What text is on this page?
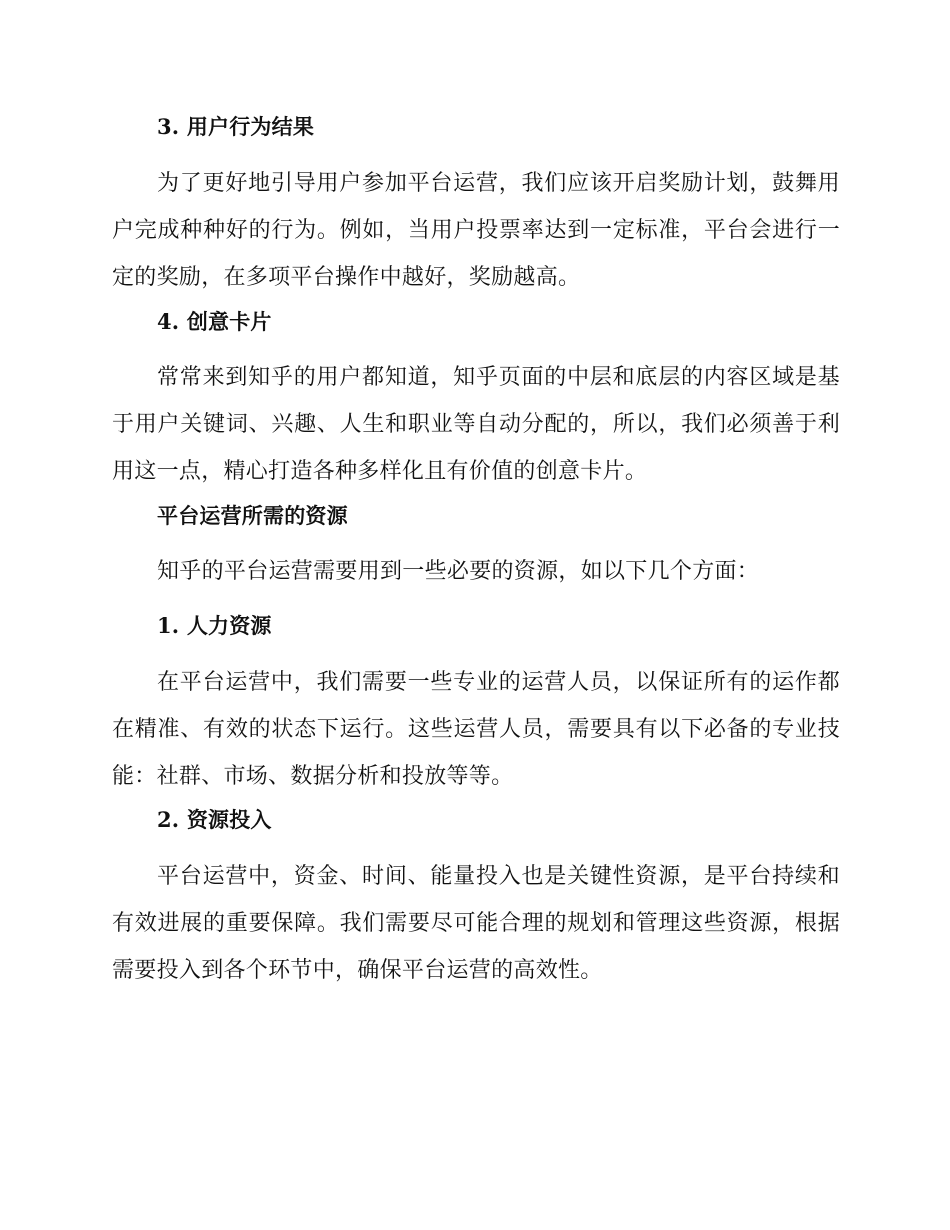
3. 用户行为结果

为了更好地引导用户参加平台运营，我们应该开启奖励计划，鼓舞用户完成种种好的行为。例如，当用户投票率达到一定标准，平台会进行一定的奖励，在多项平台操作中越好，奖励越高。

4. 创意卡片

常常来到知乎的用户都知道，知乎页面的中层和底层的内容区域是基于用户关键词、兴趣、人生和职业等自动分配的，所以，我们必须善于利用这一点，精心打造各种多样化且有价值的创意卡片。

平台运营所需的资源

知乎的平台运营需要用到一些必要的资源，如以下几个方面：

1. 人力资源

在平台运营中，我们需要一些专业的运营人员，以保证所有的运作都在精准、有效的状态下运行。这些运营人员，需要具有以下必备的专业技能：社群、市场、数据分析和投放等等。

2. 资源投入

平台运营中，资金、时间、能量投入也是关键性资源，是平台持续和有效进展的重要保障。我们需要尽可能合理的规划和管理这些资源，根据需要投入到各个环节中，确保平台运营的高效性。
